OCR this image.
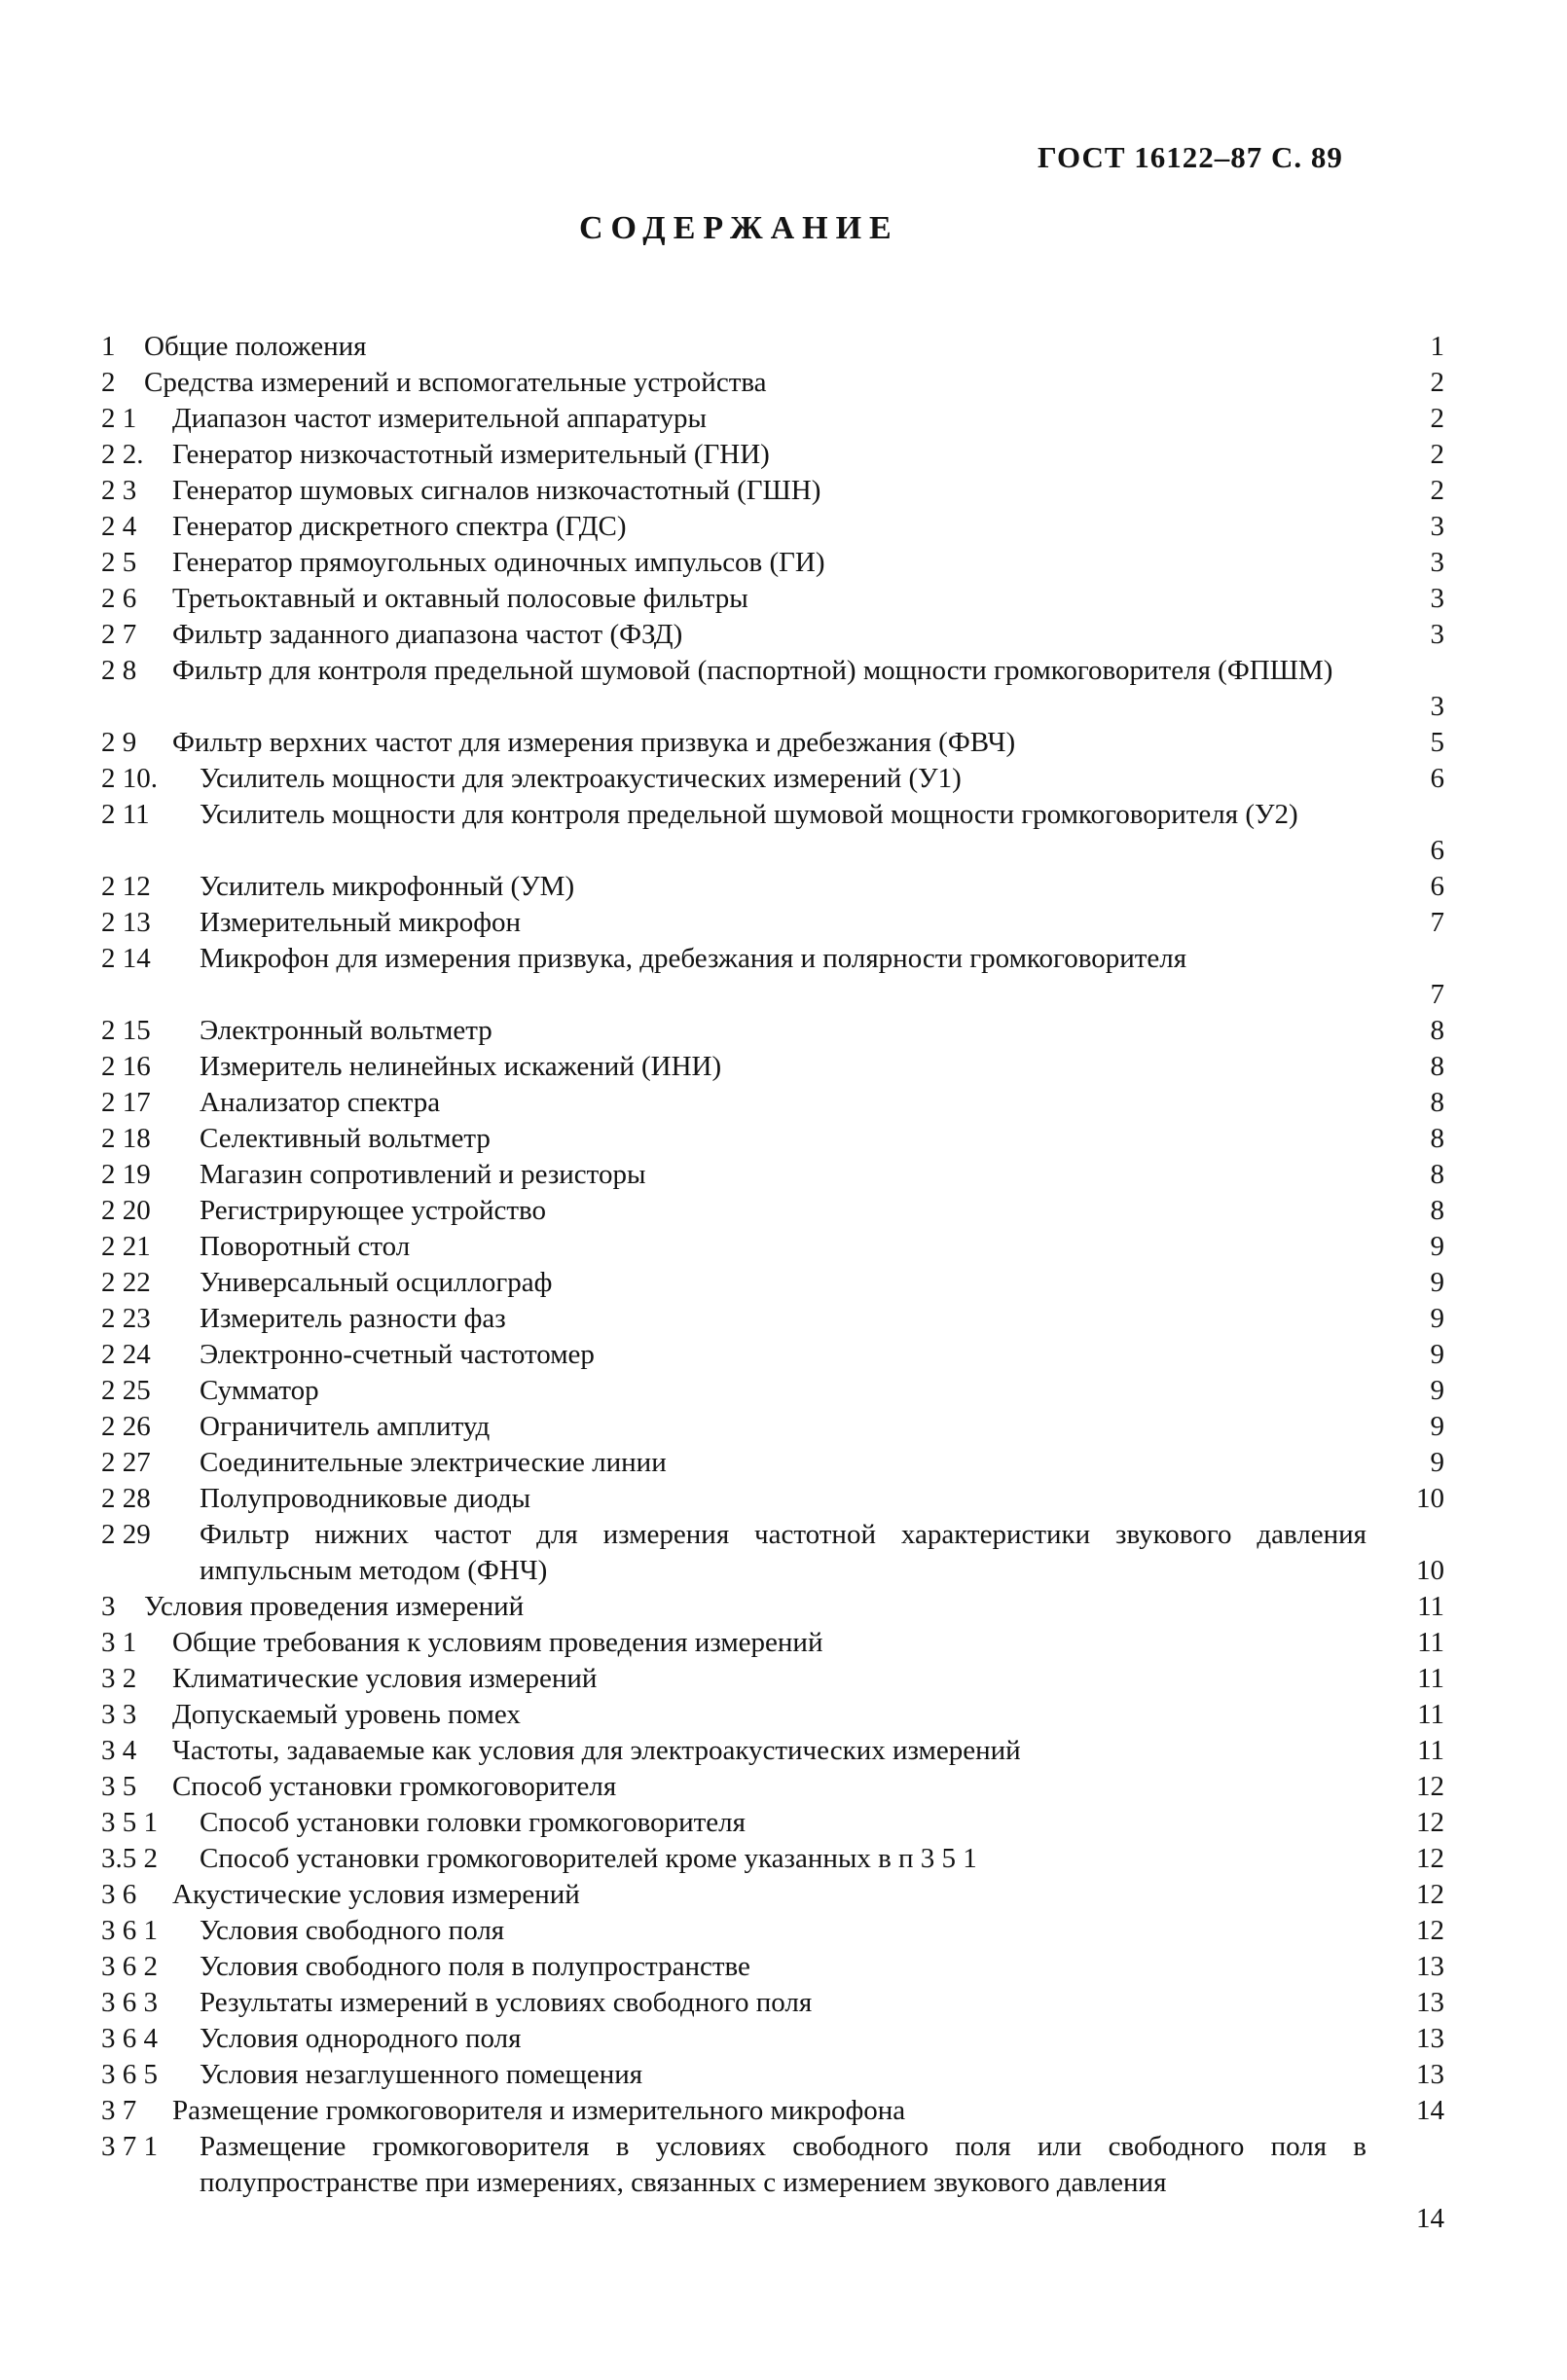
ГОСТ 16122–87 С. 89
СОДЕРЖАНИЕ
1 Общие положения	1
2 Средства измерений и вспомогательные устройства	2
2 1 Диапазон частот измерительной аппаратуры	2
2 2. Генератор низкочастотный измерительный (ГНИ)	2
2 3 Генератор шумовых сигналов низкочастотный (ГШН)	2
2 4 Генератор дискретного спектра (ГДС)	3
2 5 Генератор прямоугольных одиночных импульсов (ГИ)	3
2 6 Третьоктавный и октавный полосовые фильтры	3
2 7 Фильтр заданного диапазона частот (ФЗД)	3
2 8 Фильтр для контроля предельной шумовой (паспортной) мощности громкоговорителя (ФПШМ)
3
2 9 Фильтр верхних частот для измерения призвука и дребезжания (ФВЧ)	5
2 10. Усилитель мощности для электроакустических измерений (У1)	6
2 11 Усилитель мощности для контроля предельной шумовой мощности громкоговорителя (У2)
6
2 12 Усилитель микрофонный (УМ)	6
2 13 Измерительный микрофон	7
2 14 Микрофон для измерения призвука, дребезжания и полярности громкоговорителя
7
2 15 Электронный вольтметр	8
2 16 Измеритель нелинейных искажений (ИНИ)	8
2 17 Анализатор спектра	8
2 18 Селективный вольтметр	8
2 19 Магазин сопротивлений и резисторы	8
2 20 Регистрирующее устройство	8
2 21 Поворотный стол	9
2 22 Универсальный осциллограф	9
2 23 Измеритель разности фаз	9
2 24 Электронно-счетный частотомер	9
2 25 Сумматор	9
2 26 Ограничитель амплитуд	9
2 27 Соединительные электрические линии	9
2 28 Полупроводниковые диоды	10
2 29 Фильтр нижних частот для измерения частотной характеристики звукового давления импульсным методом (ФНЧ)	10
3 Условия проведения измерений	11
3 1 Общие требования к условиям проведения измерений	11
3 2 Климатические условия измерений	11
3 3 Допускаемый уровень помех	11
3 4 Частоты, задаваемые как условия для электроакустических измерений	11
3 5 Способ установки громкоговорителя	12
3 5 1 Способ установки головки громкоговорителя	12
3.5 2 Способ установки громкоговорителей кроме указанных в п 3 5 1	12
3 6 Акустические условия измерений	12
3 6 1 Условия свободного поля	12
3 6 2 Условия свободного поля в полупространстве	13
3 6 3 Результаты измерений в условиях свободного поля	13
3 6 4 Условия однородного поля	13
3 6 5 Условия незаглушенного помещения	13
3 7 Размещение громкоговорителя и измерительного микрофона	14
3 7 1 Размещение громкоговорителя в условиях свободного поля или свободного поля в полупространстве при измерениях, связанных с измерением звукового давления
14
